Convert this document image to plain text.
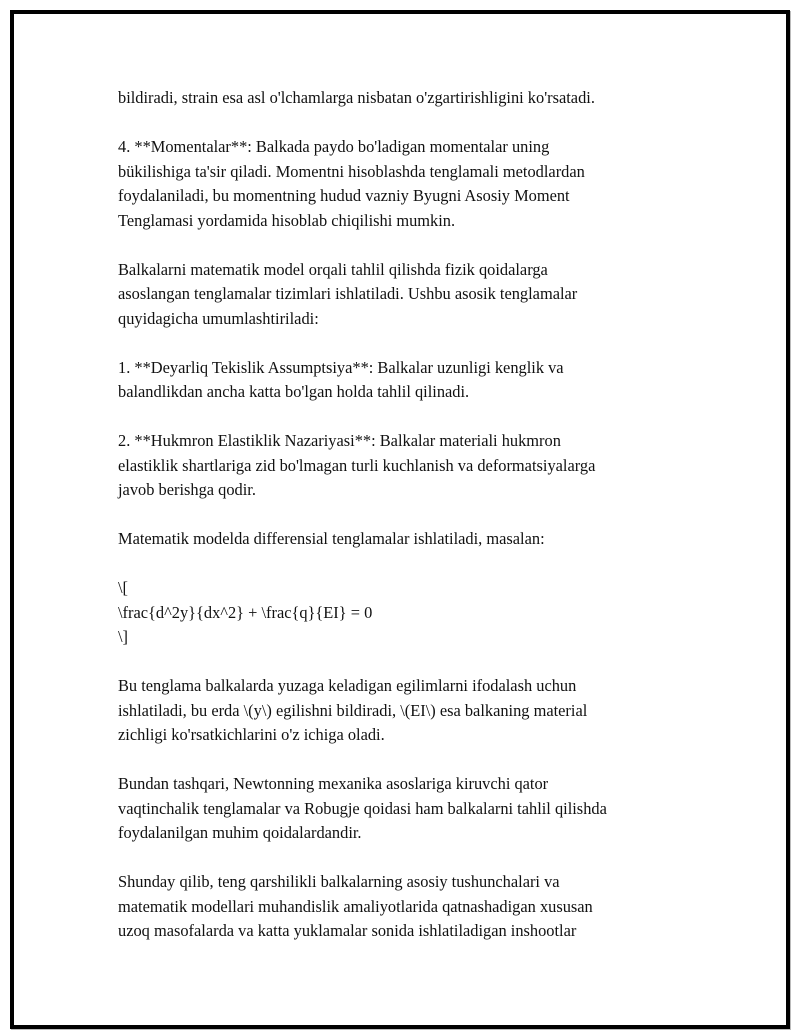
bildiradi, strain esa asl o'lchamlarga nisbatan o'zgartirishligini ko'rsatadi.

4. **Momentalar**: Balkada paydo bo'ladigan momentalar uning
bükilishiga ta'sir qiladi. Momentni hisoblashda tenglamali metodlardan
foydalaniladi, bu momentning hudud vazniy Byugni Asosiy Moment
Tenglamasi yordamida hisoblab chiqilishi mumkin.

Balkalarni matematik model orqali tahlil qilishda fizik qoidalarga
asoslangan tenglamalar tizimlari ishlatiladi. Ushbu asosik tenglamalar
quyidagicha umumlashtiriladi:

1. **Deyarliq Tekislik Assumptsiya**: Balkalar uzunligi kenglik va
balandlikdan ancha katta bo'lgan holda tahlil qilinadi.

2. **Hukmron Elastiklik Nazariyasi**: Balkalar materiali hukmron
elastiklik shartlariga zid bo'lmagan turli kuchlanish va deformatsiyalarga
javob berishga qodir.

Matematik modelda differensial tenglamalar ishlatiladi, masalan:

\[
\frac{d^2y}{dx^2} + \frac{q}{EI} = 0
\]

Bu tenglama balkalarda yuzaga keladigan egilimlarni ifodalash uchun
ishlatiladi, bu erda \(y\) egilishni bildiradi, \(EI\) esa balkaning material
zichligi ko'rsatkichlarini o'z ichiga oladi.

Bundan tashqari, Newtonning mexanika asoslariga kiruvchi qator
vaqtinchalik tenglamalar va Robugje qoidasi ham balkalarni tahlil qilishda
foydalanilgan muhim qoidalardandir.

Shunday qilib, teng qarshilikli balkalarning asosiy tushunchalari va
matematik modellari muhandislik amaliyotlarida qatnashadigan xususan
uzoq masofalarda va katta yuklamalar sonida ishlatiladigan inshootlar
